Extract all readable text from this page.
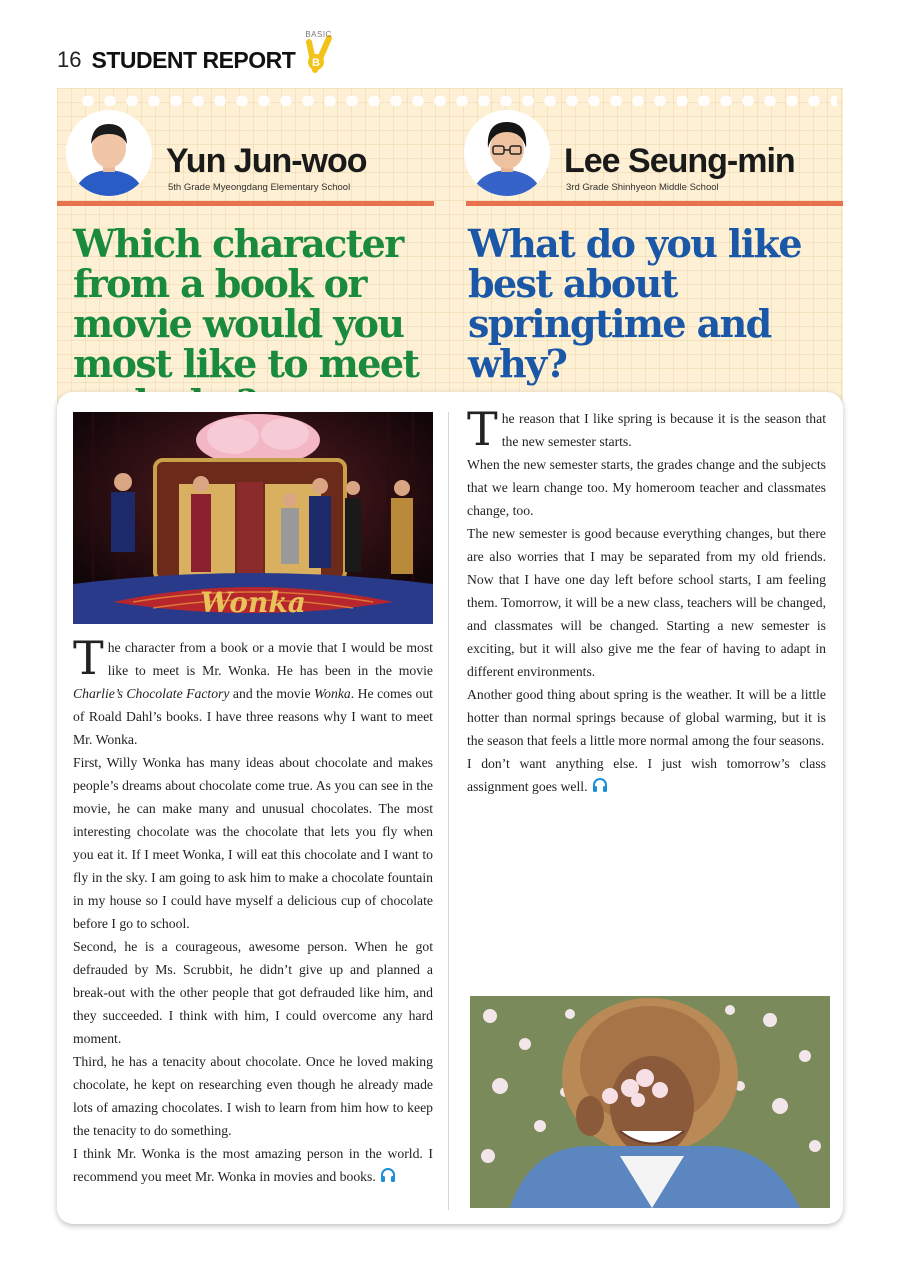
16 STUDENT REPORT
BASIC
B
Yun Jun-woo
5th Grade Myeongdang Elementary School
Lee Seung-min
3rd Grade Shinhyeon Middle School
Which character from a book or movie would you most like to meet
What do you like best about springtime and why?
Wonka

The character from a book or a movie that I would be most like to meet is Mr. Wonka. He has been in the movie Charlie’s Chocolate Factory and the movie Wonka. He comes out of Roald Dahl’s books. I have three reasons why I want to meet Mr. Wonka.

First, Willy Wonka has many ideas about chocolate and makes people’s dreams about chocolate come true. As you can see in the movie, he can make many and unusual chocolates. The most interesting chocolate was the chocolate that lets you fly when you eat it. If I meet Wonka, I will eat this chocolate and I want to fly in the sky. I am going to ask him to make a chocolate fountain in my house so I could have myself a delicious cup of chocolate before I go to school.

Second, he is a courageous, awesome person. When he got defrauded by Ms. Scrubbit, he didn’t give up and planned a break-out with the other people that got defrauded like him, and they succeeded. I think with him, I could overcome any hard moment.

Third, he has a tenacity about chocolate. Once he loved making chocolate, he kept on researching even though he already made lots of amazing chocolates. I wish to learn from him how to keep the tenacity to do something.

I think Mr. Wonka is the most amazing person in the world. I recommend you meet Mr. Wonka in movies and books.

The reason that I like spring is because it is the season that the new semester starts.

When the new semester starts, the grades change and the subjects that we learn change too. My homeroom teacher and classmates change, too.

The new semester is good because everything changes, but there are also worries that I may be separated from my old friends. Now that I have one day left before school starts, I am feeling them. Tomorrow, it will be a new class, teachers will be changed, and classmates will be changed. Starting a new semester is exciting, but it will also give me the fear of having to adapt in different environments.

Another good thing about spring is the weather. It will be a little hotter than normal springs because of global warming, but it is the season that feels a little more normal among the four seasons.

I don’t want anything else. I just wish tomorrow’s class assignment goes well.
